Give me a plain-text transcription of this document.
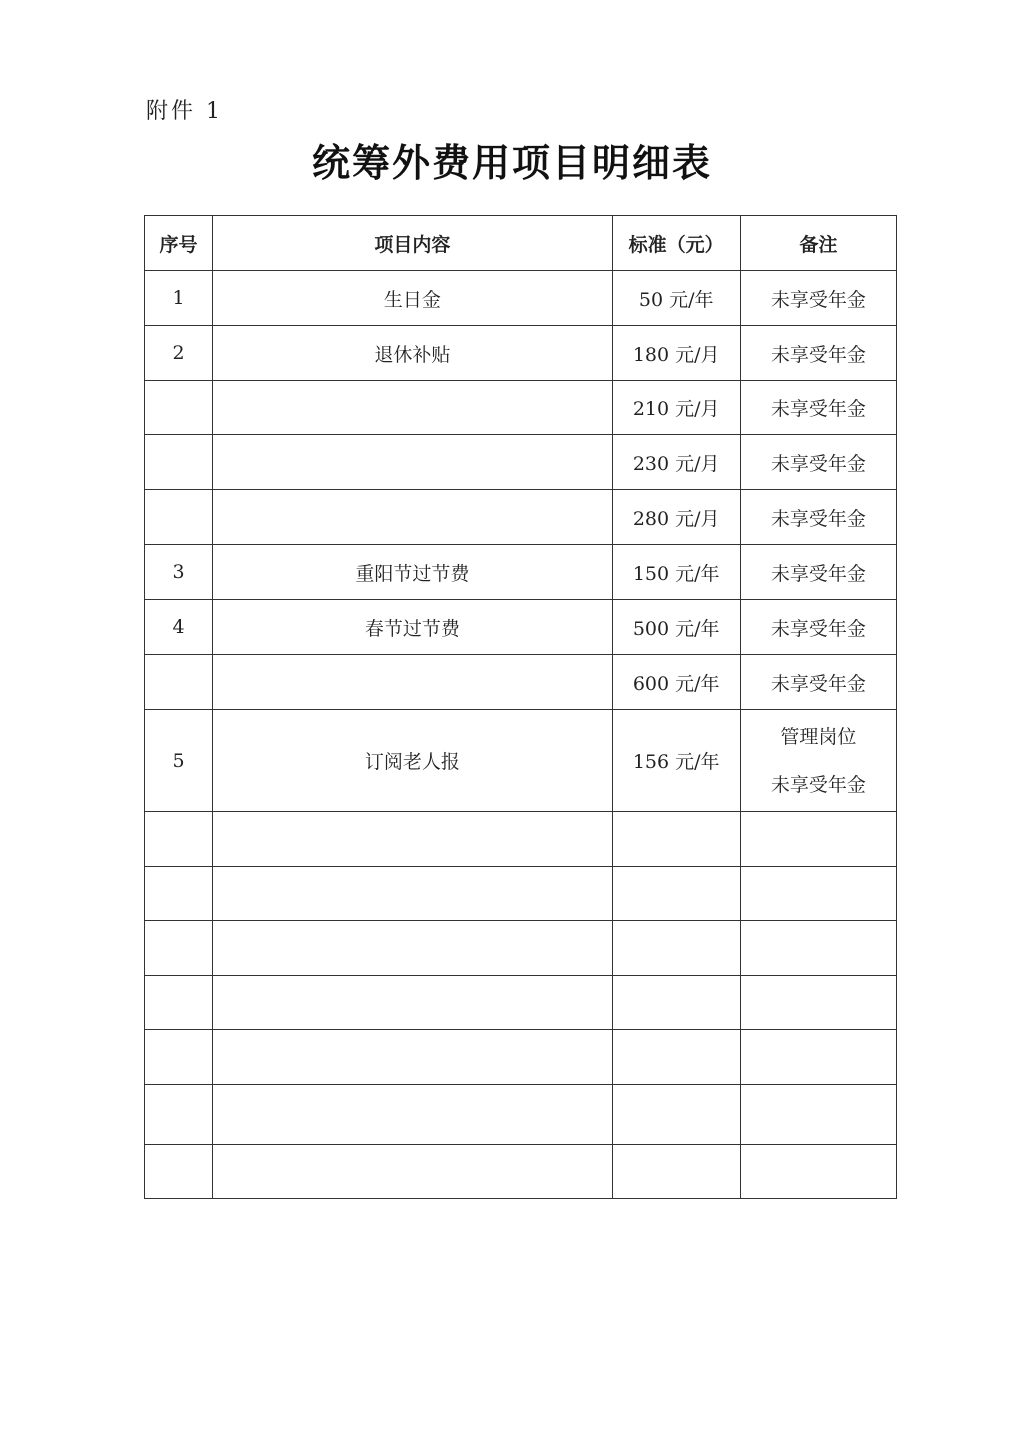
附件 1
统筹外费用项目明细表
序号	项目内容	标准（元）	备注
1	生日金	50 元/年	未享受年金
2	退休补贴	180 元/月	未享受年金
		210 元/月	未享受年金
		230 元/月	未享受年金
		280 元/月	未享受年金
3	重阳节过节费	150 元/年	未享受年金
4	春节过节费	500 元/年	未享受年金
		600 元/年	未享受年金
5	订阅老人报	156 元/年	管理岗位
未享受年金
